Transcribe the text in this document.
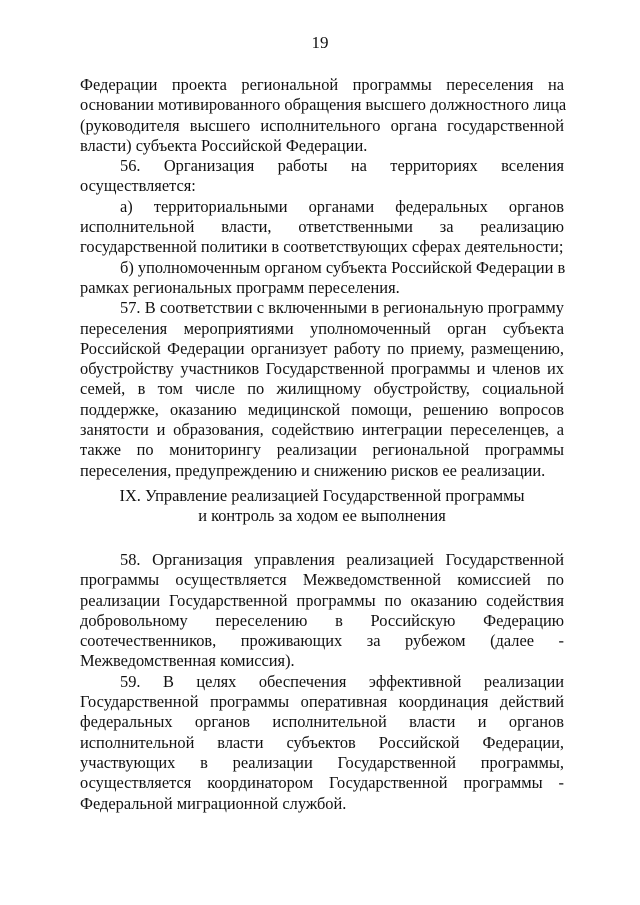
19
Федерации проекта региональной программы переселения на
основании мотивированного обращения высшего должностного лица
(руководителя высшего исполнительного органа государственной
власти) субъекта Российской Федерации.
56. Организация работы на территориях вселения
осуществляется:
а) территориальными органами федеральных органов
исполнительной власти, ответственными за реализацию
государственной политики в соответствующих сферах деятельности;
б) уполномоченным органом субъекта Российской Федерации в
рамках региональных программ переселения.
57. В соответствии с включенными в региональную программу
переселения мероприятиями уполномоченный орган субъекта
Российской Федерации организует работу по приему, размещению,
обустройству участников Государственной программы и членов их
семей, в том числе по жилищному обустройству, социальной
поддержке, оказанию медицинской помощи, решению вопросов
занятости и образования, содействию интеграции переселенцев, а
также по мониторингу реализации региональной программы
переселения, предупреждению и снижению рисков ее реализации.
IX. Управление реализацией Государственной программы
и контроль за ходом ее выполнения
58. Организация управления реализацией Государственной
программы осуществляется Межведомственной комиссией по
реализации Государственной программы по оказанию содействия
добровольному переселению в Российскую Федерацию
соотечественников, проживающих за рубежом (далее -
Межведомственная комиссия).
59. В целях обеспечения эффективной реализации
Государственной программы оперативная координация действий
федеральных органов исполнительной власти и органов
исполнительной власти субъектов Российской Федерации,
участвующих в реализации Государственной программы,
осуществляется координатором Государственной программы -
Федеральной миграционной службой.
